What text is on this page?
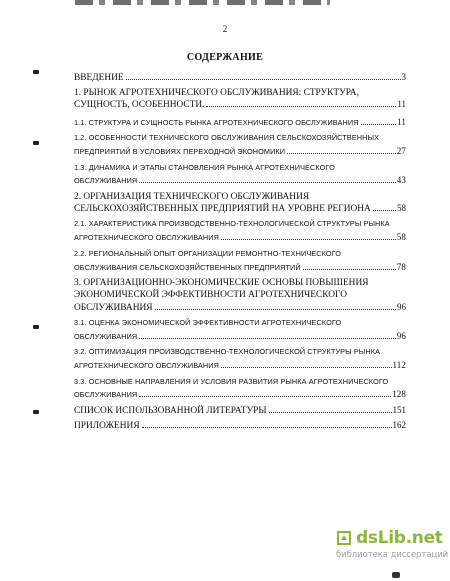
2
СОДЕРЖАНИЕ
ВВЕДЕНИЕ	3
1. РЫНОК АГРОТЕХНИЧЕСКОГО ОБСЛУЖИВАНИЯ: СТРУКТУРА,
СУЩНОСТЬ, ОСОБЕННОСТИ.	11
1.1. СТРУКТУРА И СУЩНОСТЬ РЫНКА АГРОТЕХНИЧЕСКОГО ОБСЛУЖИВАНИЯ	11
1.2. ОСОБЕННОСТИ ТЕХНИЧЕСКОГО ОБСЛУЖИВАНИЯ СЕЛЬСКОХОЗЯЙСТВЕННЫХ
ПРЕДПРИЯТИЙ В УСЛОВИЯХ ПЕРЕХОДНОЙ ЭКОНОМИКИ	27
1.3. ДИНАМИКА И ЭТАПЫ СТАНОВЛЕНИЯ РЫНКА АГРОТЕХНИЧЕСКОГО
ОБСЛУЖИВАНИЯ	43
2. ОРГАНИЗАЦИЯ ТЕХНИЧЕСКОГО ОБСЛУЖИВАНИЯ
СЕЛЬСКОХОЗЯЙСТВЕННЫХ ПРЕДПРИЯТИЙ НА УРОВНЕ РЕГИОНА	58
2.1. ХАРАКТЕРИСТИКА ПРОИЗВОДСТВЕННО-ТЕХНОЛОГИЧЕСКОЙ СТРУКТУРЫ РЫНКА
АГРОТЕХНИЧЕСКОГО ОБСЛУЖИВАНИЯ	58
2.2. РЕГИОНАЛЬНЫЙ ОПЫТ ОРГАНИЗАЦИИ РЕМОНТНО-ТЕХНИЧЕСКОГО
ОБСЛУЖИВАНИЯ СЕЛЬСКОХОЗЯЙСТВЕННЫХ ПРЕДПРИЯТИЙ	78
3. ОРГАНИЗАЦИОННО-ЭКОНОМИЧЕСКИЕ ОСНОВЫ ПОВЫШЕНИЯ
ЭКОНОМИЧЕСКОЙ ЭФФЕКТИВНОСТИ АГРОТЕХНИЧЕСКОГО
ОБСЛУЖИВАНИЯ	96
3.1. ОЦЕНКА ЭКОНОМИЧЕСКОЙ ЭФФЕКТИВНОСТИ АГРОТЕХНИЧЕСКОГО
ОБСЛУЖИВАНИЯ	96
3.2. ОПТИМИЗАЦИЯ ПРОИЗВОДСТВЕННО-ТЕХНОЛОГИЧЕСКОЙ СТРУКТУРЫ РЫНКА
АГРОТЕХНИЧЕСКОГО ОБСЛУЖИВАНИЯ	112
3.3. ОСНОВНЫЕ НАПРАВЛЕНИЯ И УСЛОВИЯ РАЗВИТИЯ РЫНКА АГРОТЕХНИЧЕСКОГО
ОБСЛУЖИВАНИЯ	128
СПИСОК ИСПОЛЬЗОВАННОЙ ЛИТЕРАТУРЫ	151
ПРИЛОЖЕНИЯ	162
dsLib.net
библиотека диссертаций
